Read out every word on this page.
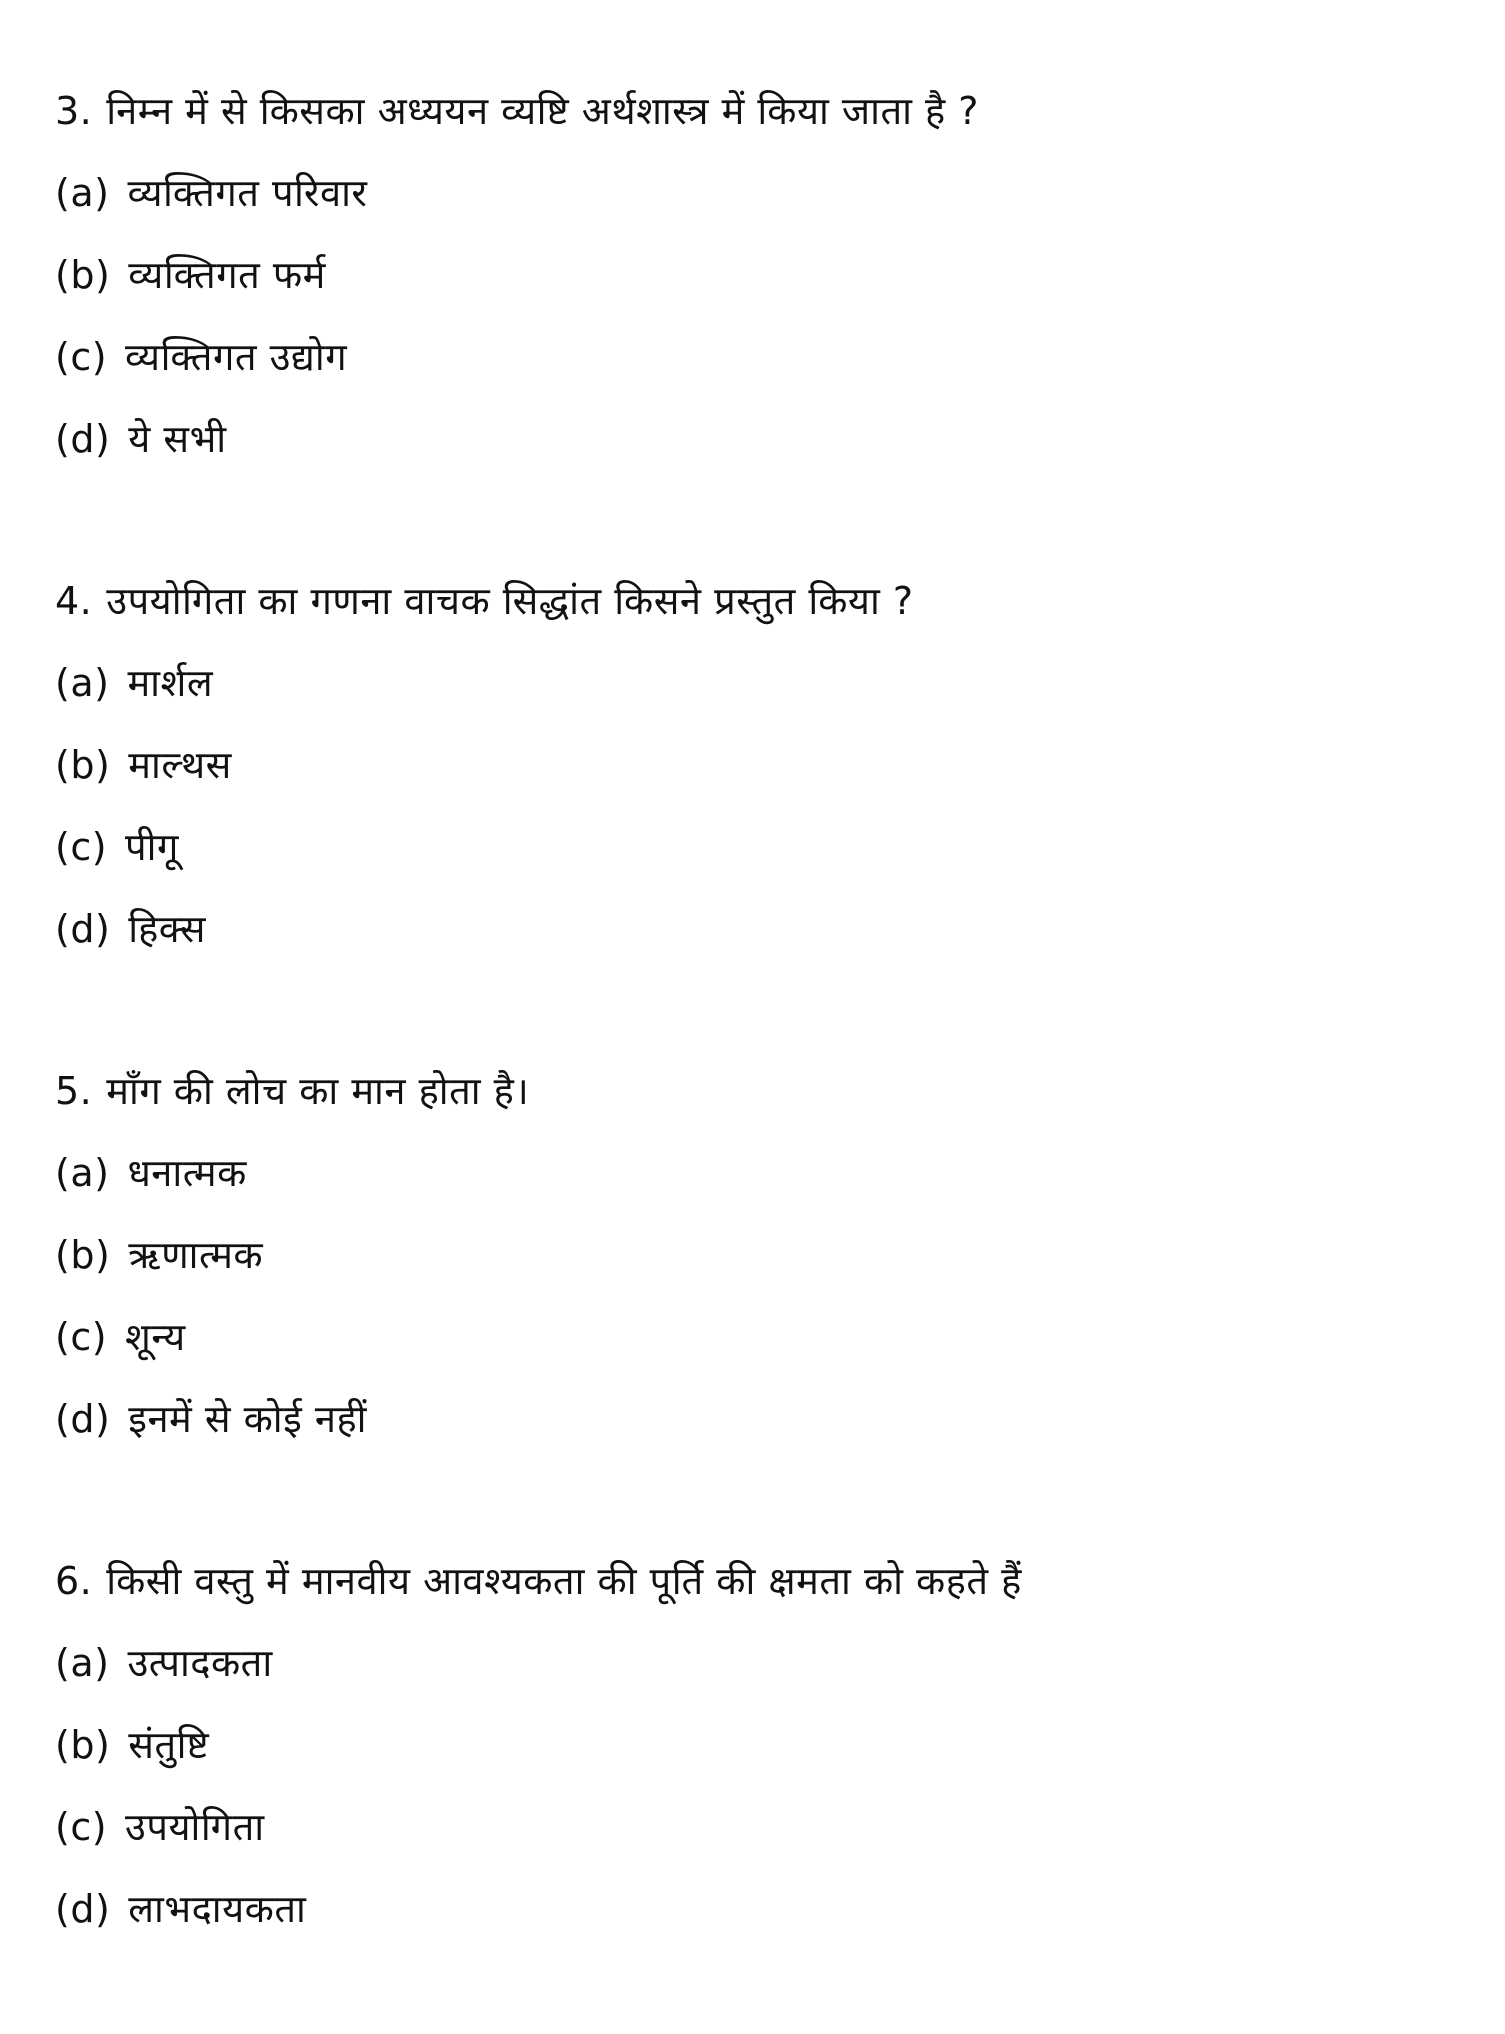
3. निम्न में से किसका अध्ययन व्यष्टि अर्थशास्त्र में किया जाता है ?
(a) व्यक्तिगत परिवार
(b) व्यक्तिगत फर्म
(c) व्यक्तिगत उद्योग
(d) ये सभी
4. उपयोगिता का गणना वाचक सिद्धांत किसने प्रस्तुत किया ?
(a) मार्शल
(b) माल्थस
(c) पीगू
(d) हिक्स
5. माँग की लोच का मान होता है।
(a) धनात्मक
(b) ऋणात्मक
(c) शून्य
(d) इनमें से कोई नहीं
6. किसी वस्तु में मानवीय आवश्यकता की पूर्ति की क्षमता को कहते हैं
(a) उत्पादकता
(b) संतुष्टि
(c) उपयोगिता
(d) लाभदायकता
